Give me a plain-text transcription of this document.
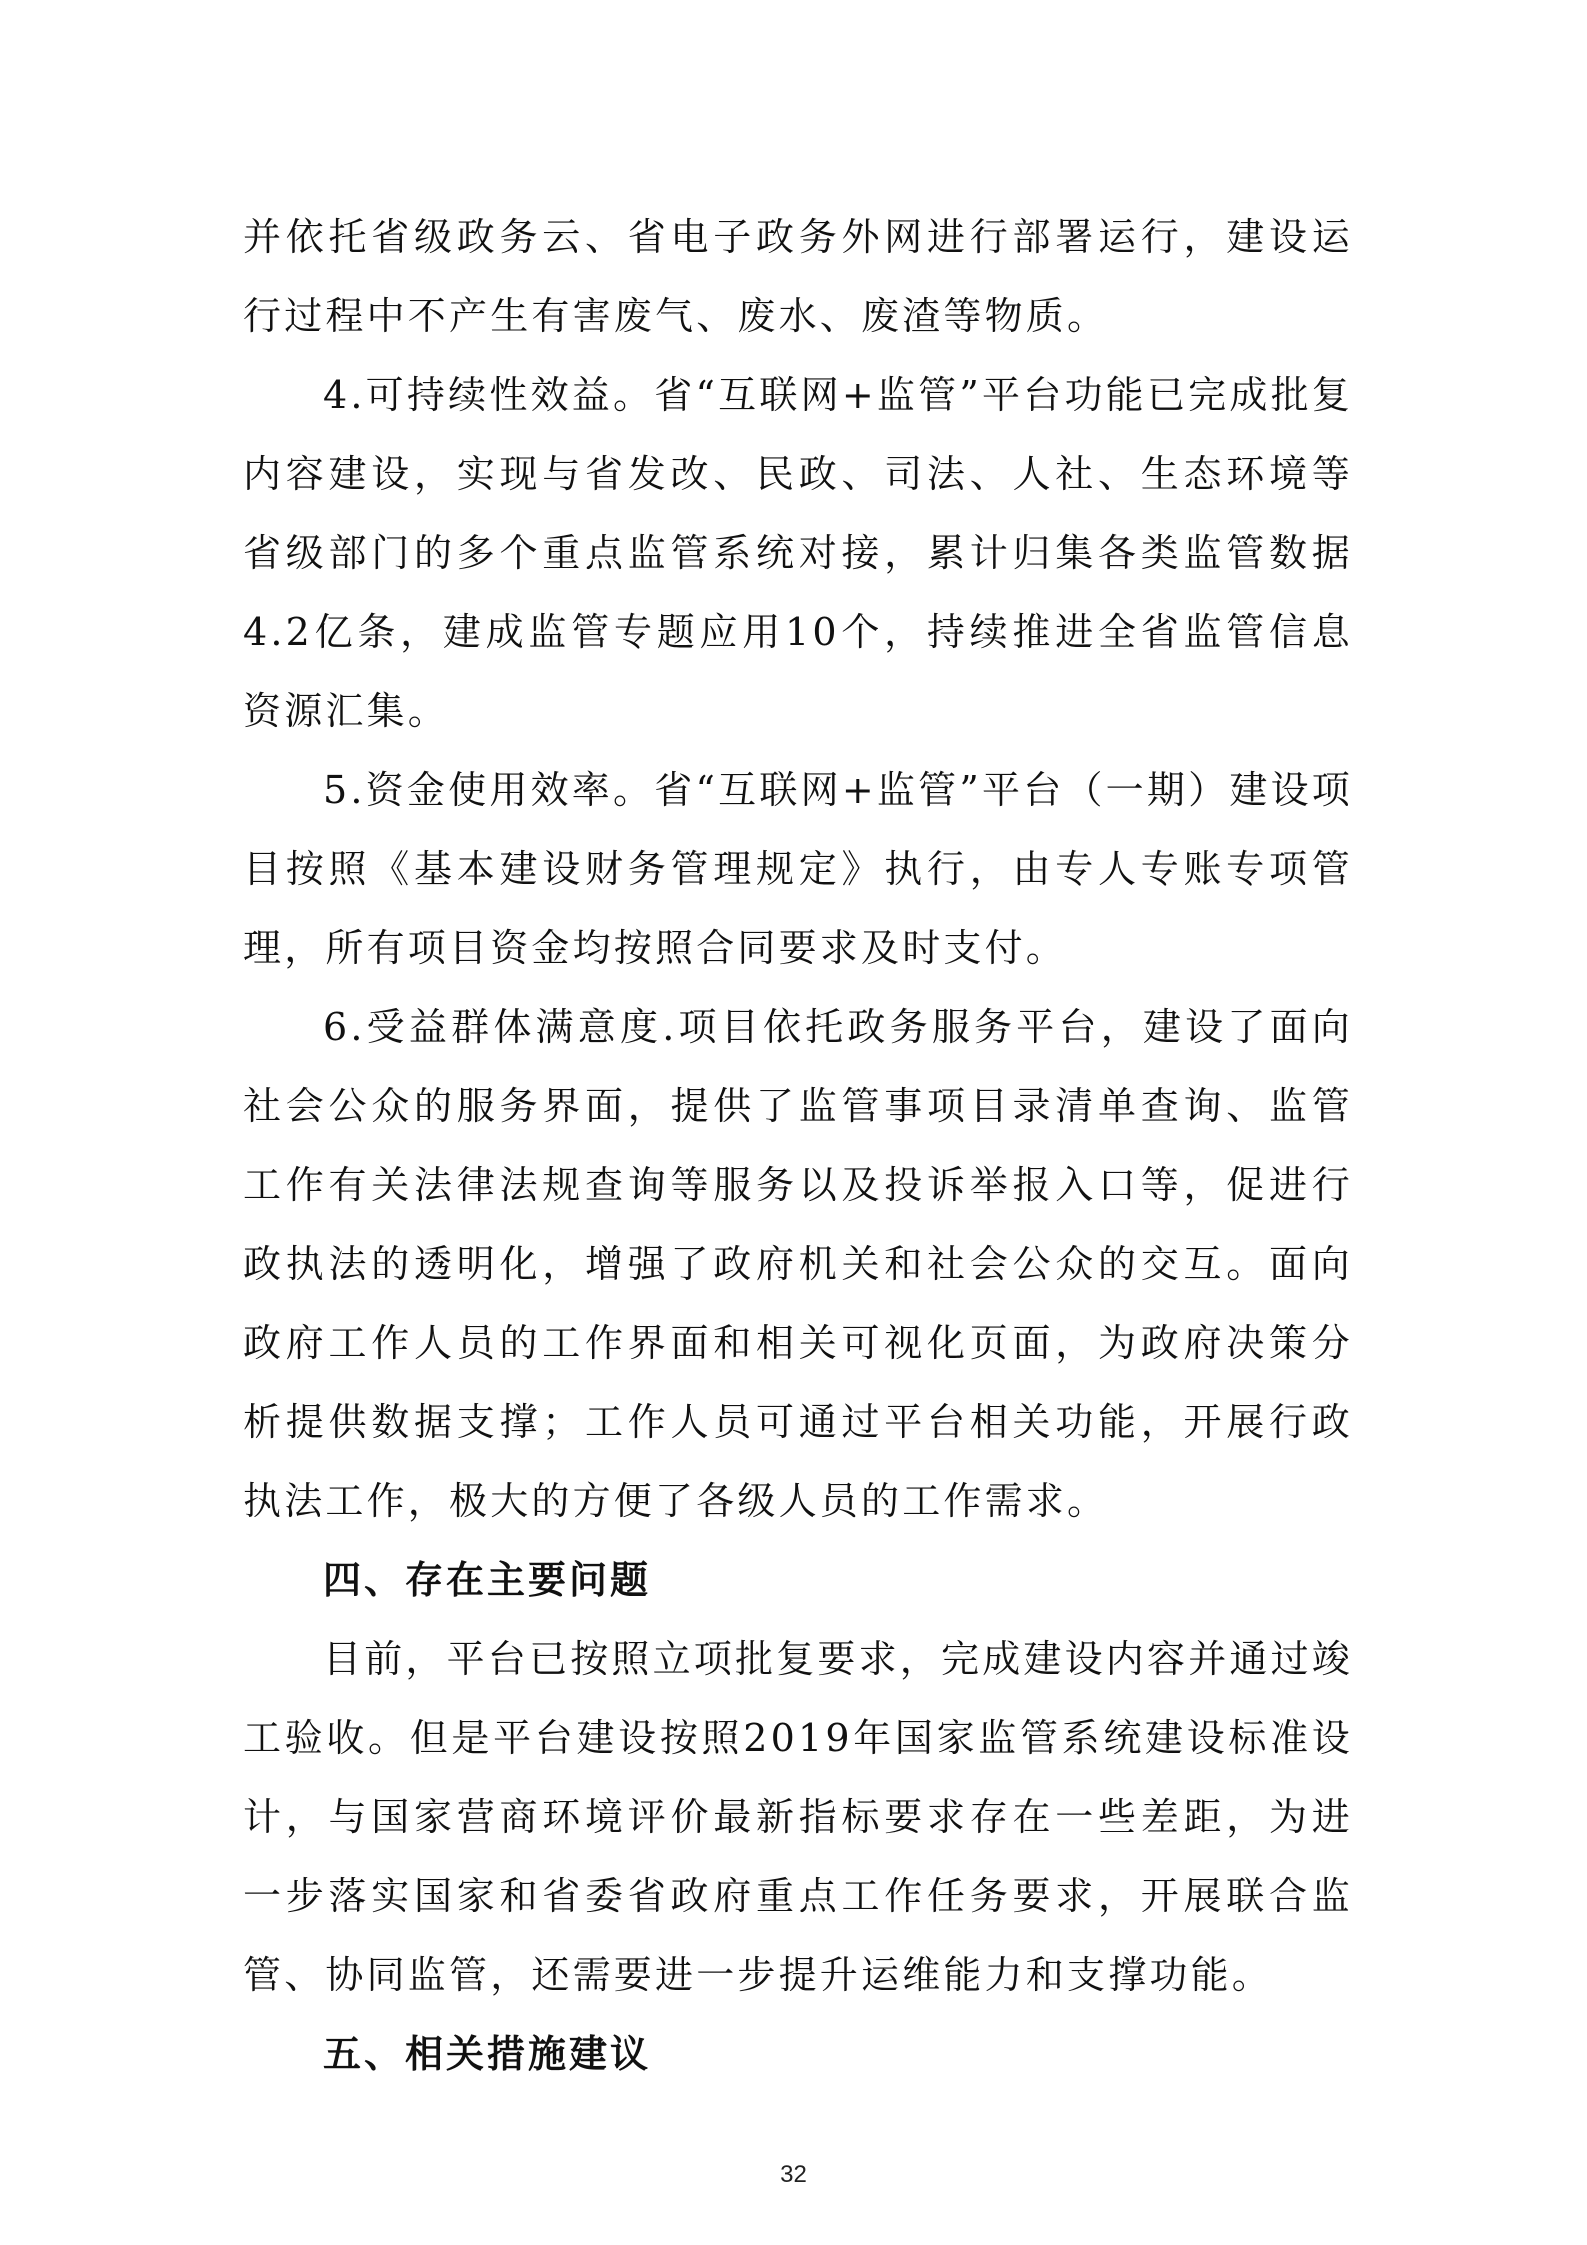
并依托省级政务云、省电子政务外网进行部署运行，建设运行过程中不产生有害废气、废水、废渣等物质。

4.可持续性效益。省“互联网+监管”平台功能已完成批复内容建设，实现与省发改、民政、司法、人社、生态环境等省级部门的多个重点监管系统对接，累计归集各类监管数据4.2亿条，建成监管专题应用10个，持续推进全省监管信息资源汇集。

5.资金使用效率。省“互联网+监管”平台（一期）建设项目按照《基本建设财务管理规定》执行，由专人专账专项管理，所有项目资金均按照合同要求及时支付。

6.受益群体满意度.项目依托政务服务平台，建设了面向社会公众的服务界面，提供了监管事项目录清单查询、监管工作有关法律法规查询等服务以及投诉举报入口等，促进行政执法的透明化，增强了政府机关和社会公众的交互。面向政府工作人员的工作界面和相关可视化页面，为政府决策分析提供数据支撑；工作人员可通过平台相关功能，开展行政执法工作，极大的方便了各级人员的工作需求。

四、存在主要问题

目前，平台已按照立项批复要求，完成建设内容并通过竣工验收。但是平台建设按照2019年国家监管系统建设标准设计，与国家营商环境评价最新指标要求存在一些差距，为进一步落实国家和省委省政府重点工作任务要求，开展联合监管、协同监管，还需要进一步提升运维能力和支撑功能。

五、相关措施建议
32
